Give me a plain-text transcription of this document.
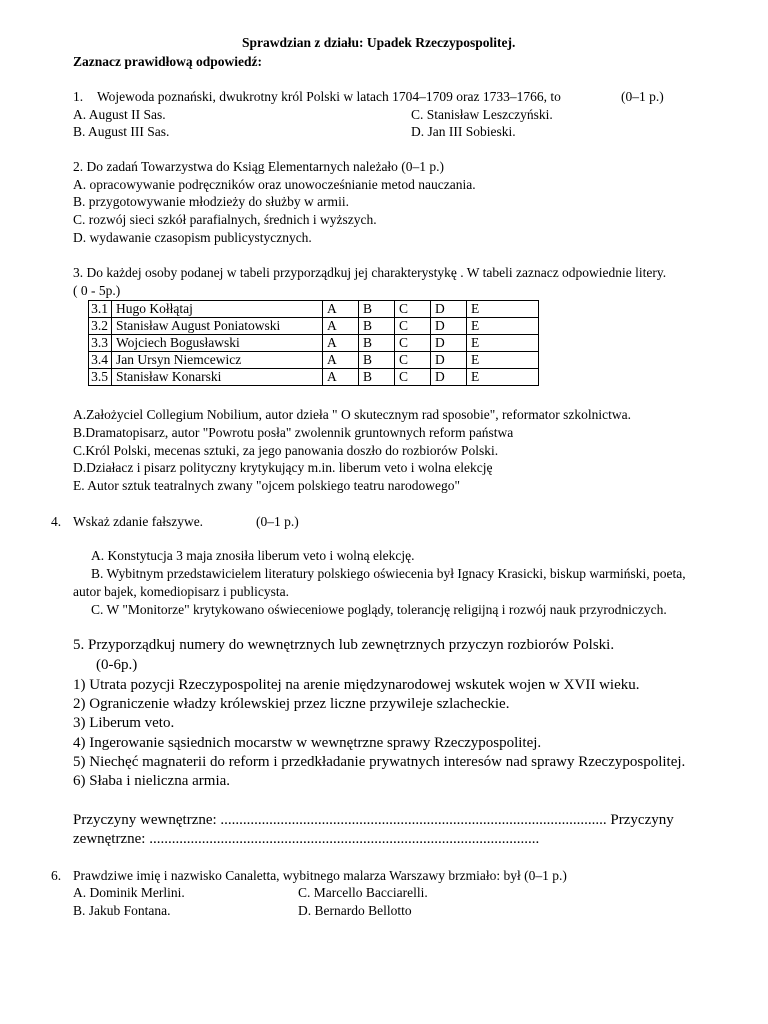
Sprawdzian z działu: Upadek Rzeczypospolitej.
Zaznacz prawidłową odpowiedź:
1. Wojewoda poznański, dwukrotny król Polski w latach 1704–1709 oraz 1733–1766, to	(0–1 p.)
A. August II Sas.
B. August III Sas.
C. Stanisław Leszczyński.
D. Jan III Sobieski.
2. Do zadań Towarzystwa do Ksiąg Elementarnych należało (0–1 p.)
A. opracowywanie podręczników oraz unowocześnianie metod nauczania.
B. przygotowywanie młodzieży do służby w armii.
C. rozwój sieci szkół parafialnych, średnich i wyższych.
D. wydawanie czasopism publicystycznych.
3. Do każdej osoby podanej w tabeli przyporządkuj jej charakterystykę . W tabeli zaznacz odpowiednie litery.
( 0 - 5p.)
3.1	Hugo Kołłątaj	A	B	C	D	E
3.2	Stanisław August Poniatowski	A	B	C	D	E
3.3	Wojciech Bogusławski	A	B	C	D	E
3.4	Jan Ursyn Niemcewicz	A	B	C	D	E
3.5	Stanisław Konarski	A	B	C	D	E
A.Założyciel Collegium Nobilium, autor dzieła " O skutecznym rad sposobie", reformator szkolnictwa.
B.Dramatopisarz, autor "Powrotu posła" zwolennik gruntownych reform państwa
C.Król Polski, mecenas sztuki, za jego panowania doszło do rozbiorów Polski.
D.Działacz i pisarz polityczny krytykujący m.in. liberum veto i wolna elekcję
E. Autor sztuk teatralnych zwany "ojcem polskiego teatru narodowego"
4. Wskaż zdanie fałszywe.	(0–1 p.)
A. Konstytucja 3 maja znosiła liberum veto i wolną elekcję.
B. Wybitnym przedstawicielem literatury polskiego oświecenia był Ignacy Krasicki, biskup warmiński, poeta,
autor bajek, komediopisarz i publicysta.
C. W "Monitorze" krytykowano oświeceniowe poglądy, tolerancję religijną i rozwój nauk przyrodniczych.
5. Przyporządkuj numery do wewnętrznych lub zewnętrznych przyczyn rozbiorów Polski.
(0-6p.)
1) Utrata pozycji Rzeczypospolitej na arenie międzynarodowej wskutek wojen w XVII wieku.
2) Ograniczenie władzy królewskiej przez liczne przywileje szlacheckie.
3) Liberum veto.
4) Ingerowanie sąsiednich mocarstw w wewnętrzne sprawy Rzeczypospolitej.
5) Niechęć magnaterii do reform i przedkładanie prywatnych interesów nad sprawy Rzeczypospolitej.
6) Słaba i nieliczna armia.
Przyczyny wewnętrzne: ....................................................................................................... Przyczyny
zewnętrzne: ........................................................................................................
6. Prawdziwe imię i nazwisko Canaletta, wybitnego malarza Warszawy brzmiało: był (0–1 p.)
A. Dominik Merlini.
B. Jakub Fontana.
C. Marcello Bacciarelli.
D. Bernardo Bellotto
